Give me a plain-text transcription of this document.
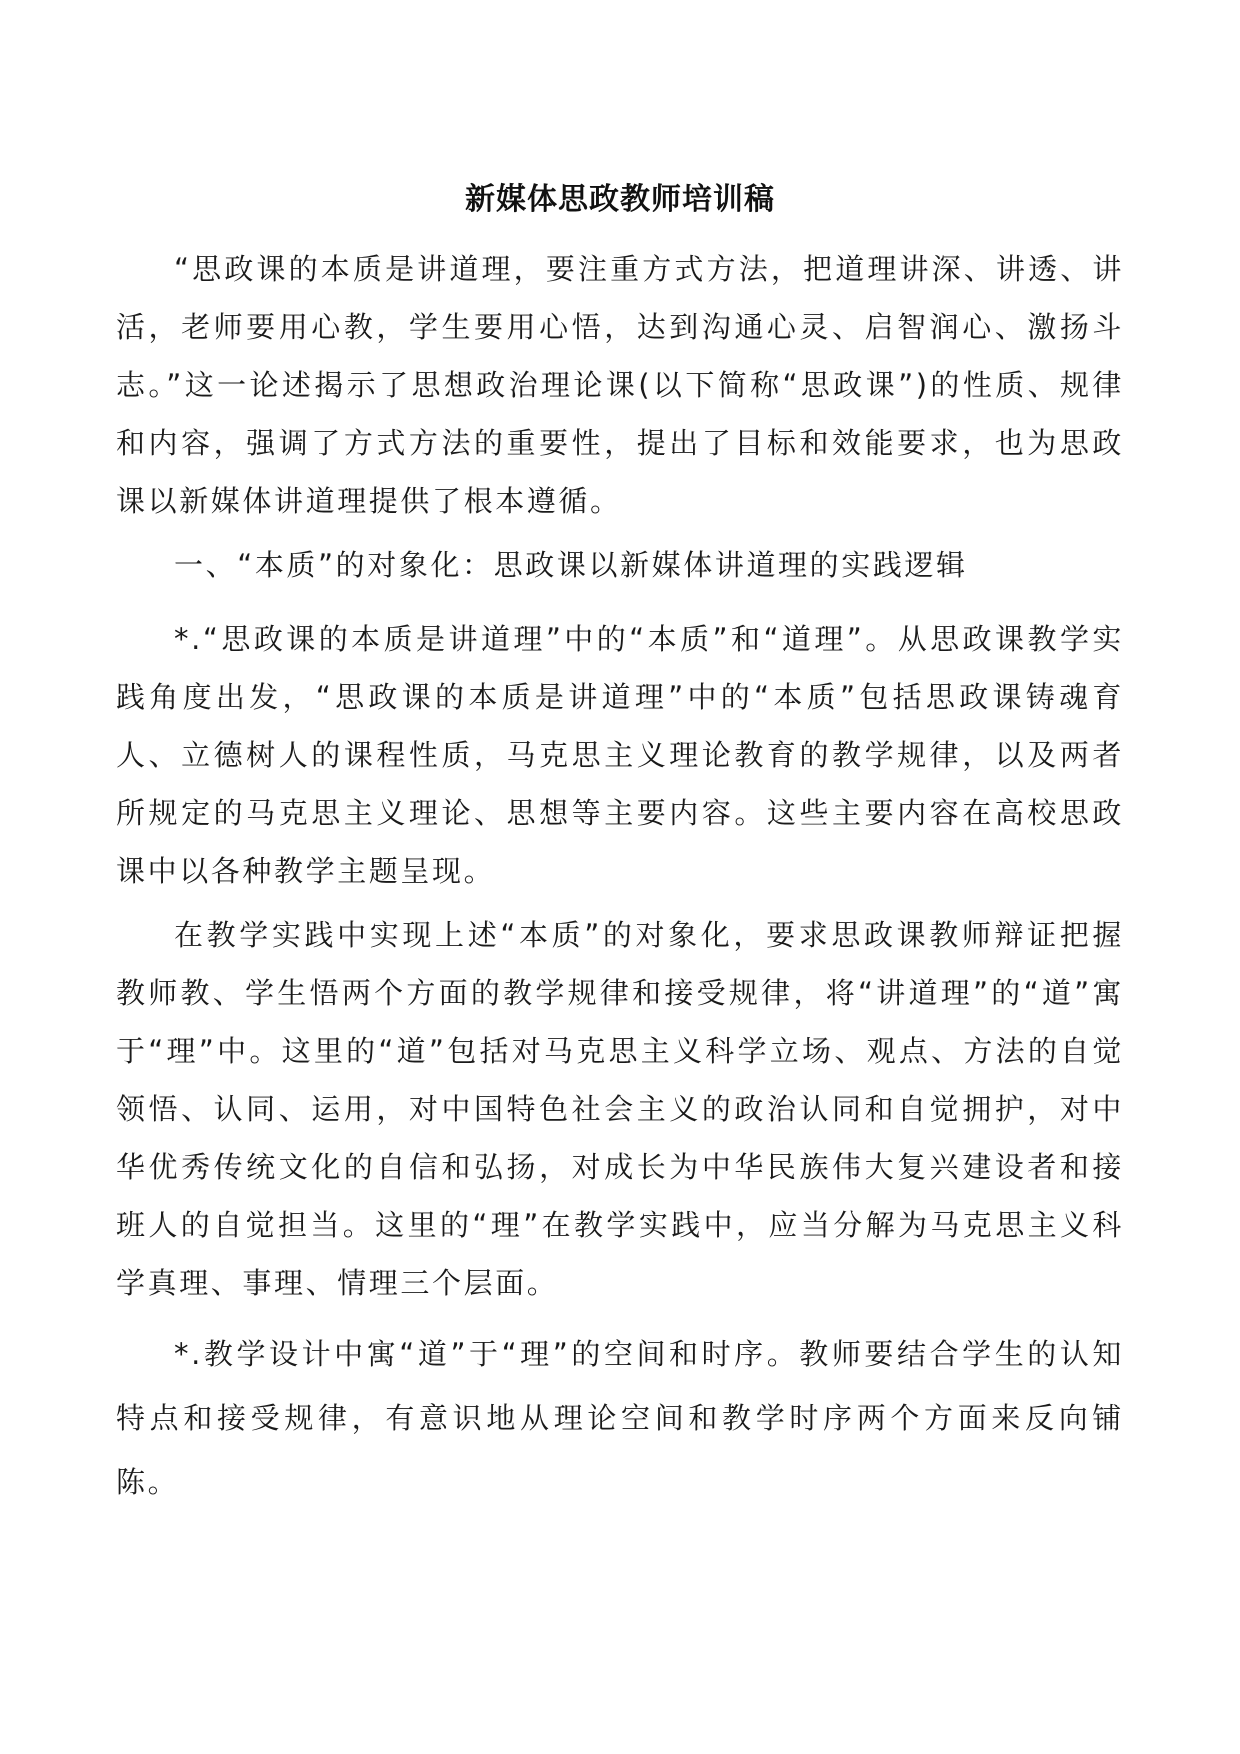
新媒体思政教师培训稿

“思政课的本质是讲道理，要注重方式方法，把道理讲深、讲透、讲活，老师要用心教，学生要用心悟，达到沟通心灵、启智润心、激扬斗志。”这一论述揭示了思想政治理论课(以下简称“思政课”)的性质、规律和内容，强调了方式方法的重要性，提出了目标和效能要求，也为思政课以新媒体讲道理提供了根本遵循。

一、“本质”的对象化：思政课以新媒体讲道理的实践逻辑

*.“思政课的本质是讲道理”中的“本质”和“道理”。从思政课教学实践角度出发，“思政课的本质是讲道理”中的“本质”包括思政课铸魂育人、立德树人的课程性质，马克思主义理论教育的教学规律，以及两者所规定的马克思主义理论、思想等主要内容。这些主要内容在高校思政课中以各种教学主题呈现。

在教学实践中实现上述“本质”的对象化，要求思政课教师辩证把握教师教、学生悟两个方面的教学规律和接受规律，将“讲道理”的“道”寓于“理”中。这里的“道”包括对马克思主义科学立场、观点、方法的自觉领悟、认同、运用，对中国特色社会主义的政治认同和自觉拥护，对中华优秀传统文化的自信和弘扬，对成长为中华民族伟大复兴建设者和接班人的自觉担当。这里的“理”在教学实践中，应当分解为马克思主义科学真理、事理、情理三个层面。

*.教学设计中寓“道”于“理”的空间和时序。教师要结合学生的认知特点和接受规律，有意识地从理论空间和教学时序两个方面来反向铺陈。
